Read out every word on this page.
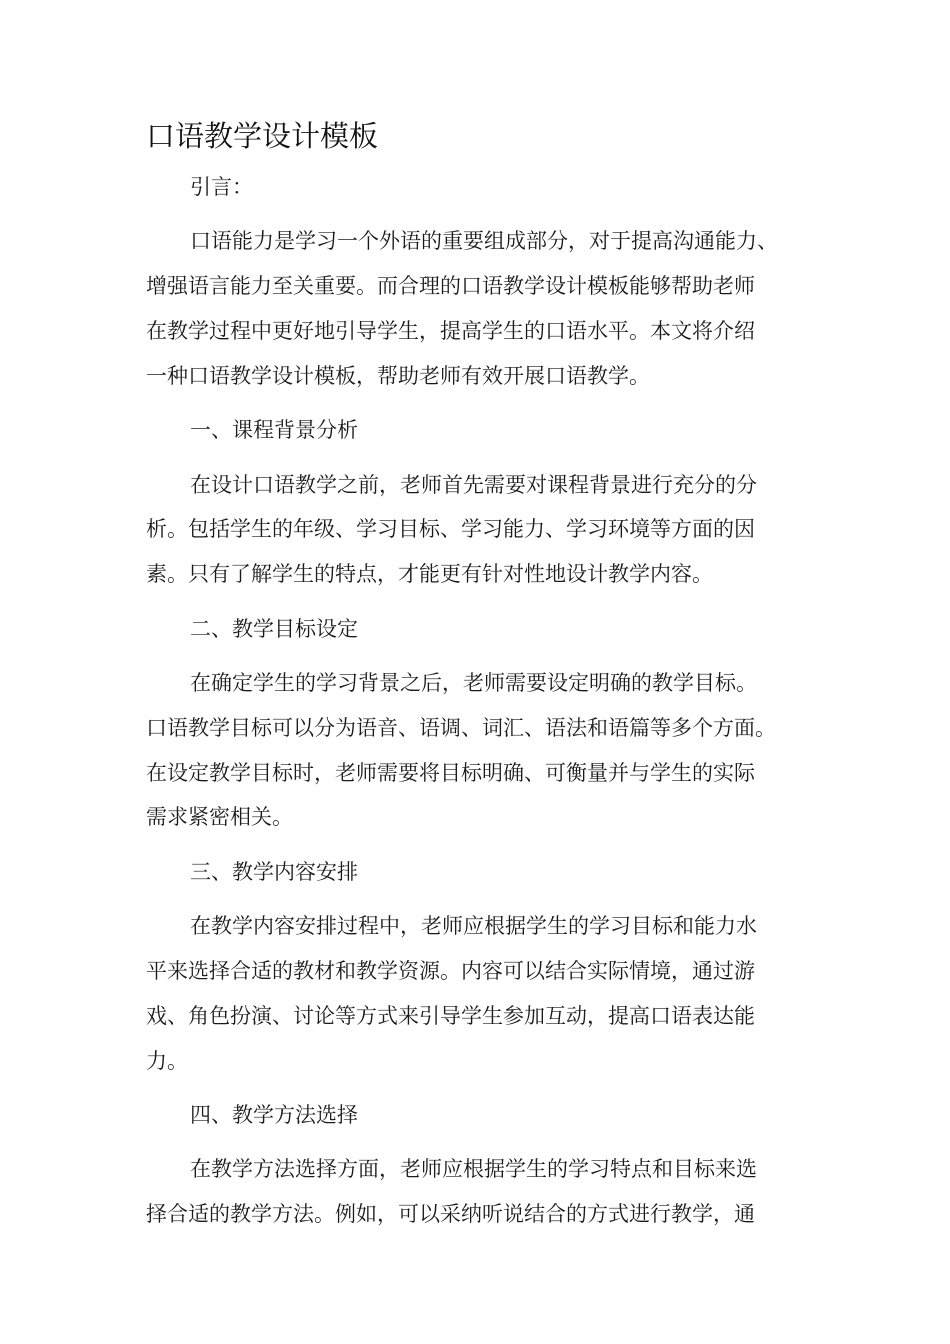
口语教学设计模板

引言：

口语能力是学习一个外语的重要组成部分，对于提高沟通能力、
增强语言能力至关重要。而合理的口语教学设计模板能够帮助老师
在教学过程中更好地引导学生，提高学生的口语水平。本文将介绍
一种口语教学设计模板，帮助老师有效开展口语教学。

一、课程背景分析

在设计口语教学之前，老师首先需要对课程背景进行充分的分
析。包括学生的年级、学习目标、学习能力、学习环境等方面的因
素。只有了解学生的特点，才能更有针对性地设计教学内容。

二、教学目标设定

在确定学生的学习背景之后，老师需要设定明确的教学目标。
口语教学目标可以分为语音、语调、词汇、语法和语篇等多个方面。
在设定教学目标时，老师需要将目标明确、可衡量并与学生的实际
需求紧密相关。

三、教学内容安排

在教学内容安排过程中，老师应根据学生的学习目标和能力水
平来选择合适的教材和教学资源。内容可以结合实际情境，通过游
戏、角色扮演、讨论等方式来引导学生参加互动，提高口语表达能
力。

四、教学方法选择

在教学方法选择方面，老师应根据学生的学习特点和目标来选
择合适的教学方法。例如，可以采纳听说结合的方式进行教学，通
